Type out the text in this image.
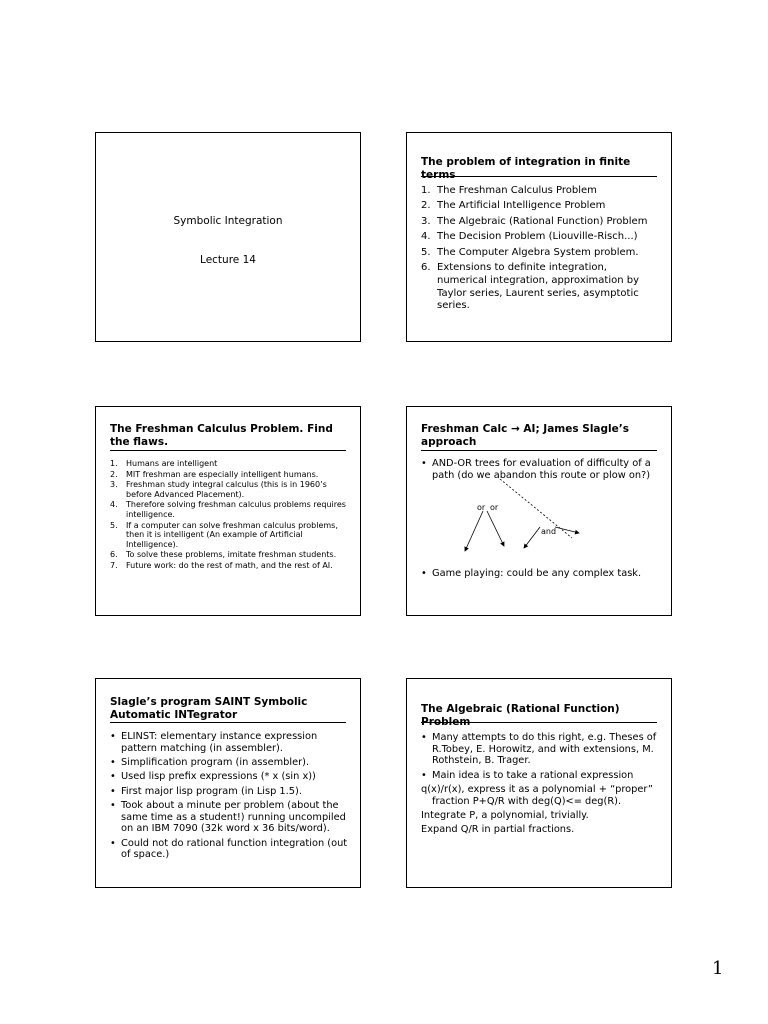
Symbolic Integration
Lecture 14
The problem of integration in finite terms
1. The Freshman Calculus Problem
2. The Artificial Intelligence Problem
3. The Algebraic (Rational Function) Problem
4. The Decision Problem (Liouville-Risch...)
5. The Computer Algebra System problem.
6. Extensions to definite integration, numerical integration, approximation by Taylor series, Laurent series, asymptotic series.
The Freshman Calculus Problem. Find the flaws.
1. Humans are intelligent
2. MIT freshman are especially intelligent humans.
3. Freshman study integral calculus (this is in 1960’s before Advanced Placement).
4. Therefore solving freshman calculus problems requires intelligence.
5. If a computer can solve freshman calculus problems, then it is intelligent (An example of Artificial Intelligence).
6. To solve these problems, imitate freshman students.
7. Future work: do the rest of math, and the rest of AI.
Freshman Calc → AI; James Slagle’s approach
• AND-OR trees for evaluation of difficulty of a path (do we abandon this route or plow on?)
or or
and
• Game playing: could be any complex task.
Slagle’s program SAINT Symbolic Automatic INTegrator
• ELINST: elementary instance expression pattern matching (in assembler).
• Simplification program (in assembler).
• Used lisp prefix expressions (* x (sin x))
• First major lisp program (in Lisp 1.5).
• Took about a minute per problem (about the same time as a student!) running uncompiled on an IBM 7090 (32k word x 36 bits/word).
• Could not do rational function integration (out of space.)
The Algebraic (Rational Function) Problem
• Many attempts to do this right, e.g. Theses of R.Tobey, E. Horowitz, and with extensions, M. Rothstein, B. Trager.
• Main idea is to take a rational expression
q(x)/r(x), express it as a polynomial + “proper” fraction P+Q/R with deg(Q)<= deg(R).
Integrate P, a polynomial, trivially.
Expand Q/R in partial fractions.
1
